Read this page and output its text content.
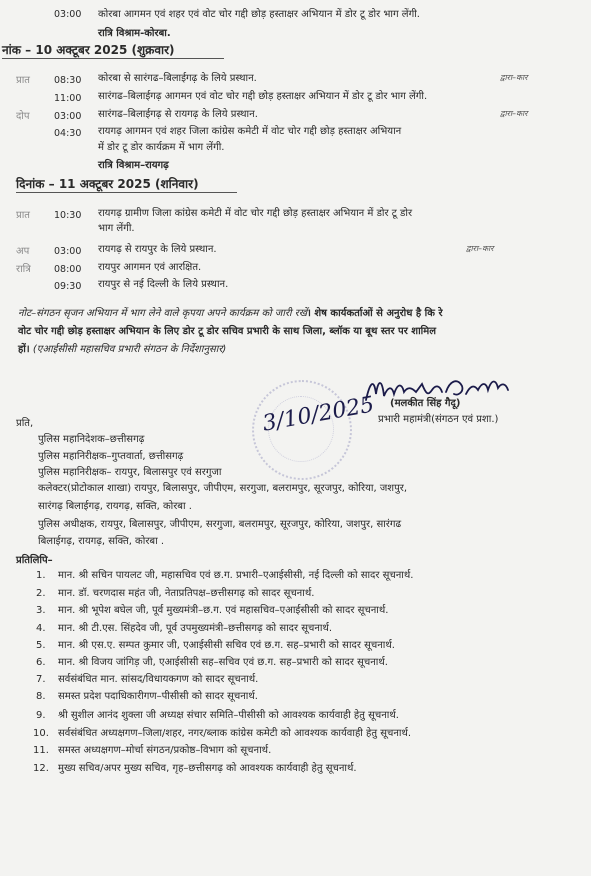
03:00 कोरबा आगमन एवं शहर एवं वोट चोर गद्दी छोड़ हस्ताक्षर अभियान में डोर टू डोर भाग लेंगी.
रात्रि विश्राम-कोरबा.
नांक – 10 अक्टूबर 2025 (शुक्रवार)
प्रात	08:30 कोरबा से सारंगढ–बिलाईगढ़ के लिये प्रस्थान.	द्वारा–कार
11:00 सारंगढ–बिलाईगढ़ आगमन एवं वोट चोर गद्दी छोड़ हस्ताक्षर अभियान में डोर टू डोर भाग लेंगी.
दोप	03:00 सारंगढ–बिलाईगढ़ से रायगढ़ के लिये प्रस्थान.	द्वारा–कार
04:30 रायगढ़ आगमन एवं शहर जिला कांग्रेस कमेटी में वोट चोर गद्दी छोड़ हस्ताक्षर अभियान
में डोर टू डोर कार्यक्रम में भाग लेंगी.
रात्रि विश्राम–रायगढ़
दिनांक – 11 अक्टूबर 2025 (शनिवार)
प्रात	10:30 रायगढ़ ग्रामीण जिला कांग्रेस कमेटी में वोट चोर गद्दी छोड़ हस्ताक्षर अभियान में डोर टू डोर
भाग लेंगी.
अप	03:00 रायगढ़ से रायपुर के लिये प्रस्थान.	द्वारा–कार
रात्रि 08:00 रायपुर आगमन एवं आरक्षित.
09:30 रायपुर से नई दिल्ली के लिये प्रस्थान.
नोट–संगठन सृजन अभियान में भाग लेने वाले कृपया अपने कार्यक्रम को जारी रखें। शेष कार्यकर्ताओं से अनुरोध है कि रे
वोट चोर गद्दी छोड़ हस्ताक्षर अभियान के लिए डोर टू डोर सचिव प्रभारी के साथ जिला, ब्लॉक या बूथ स्तर पर शामिल
हों। (एआईसीसी महासचिव प्रभारी संगठन के निर्देशानुसार)
3/10/2025 (मलकीत सिंह गैदू)
प्रभारी महामंत्री(संगठन एवं प्रशा.)
प्रति,
पुलिस महानिदेशक–छत्तीसगढ़
पुलिस महानिरीक्षक–गुप्तवार्ता, छत्तीसगढ़
पुलिस महानिरीक्षक– रायपुर, बिलासपुर एवं सरगुजा
कलेक्टर(प्रोटोकाल शाखा) रायपुर, बिलासपुर, जीपीएम, सरगुजा, बलरामपुर, सूरजपुर, कोरिया, जशपुर,
सारंगढ़ बिलाईगढ़, रायगढ़, सक्ति, कोरबा .
पुलिस अधीक्षक, रायपुर, बिलासपुर, जीपीएम, सरगुजा, बलरामपुर, सूरजपुर, कोरिया, जशपुर, सारंगढ
बिलाईगढ़, रायगढ़, सक्ति, कोरबा .
प्रतिलिपि–
1. मान. श्री सचिन पायलट जी, महासचिव एवं छ.ग. प्रभारी–एआईसीसी, नई दिल्ली को सादर सूचनार्थ.
2. मान. डॉ. चरणदास महंत जी, नेताप्रतिपक्ष–छत्तीसगढ़ को सादर सूचनार्थ.
3. मान. श्री भूपेश बघेल जी, पूर्व मुख्यमंत्री–छ.ग. एवं महासचिव–एआईसीसी को सादर सूचनार्थ.
4. मान. श्री टी.एस. सिंहदेव जी, पूर्व उपमुख्यमंत्री–छत्तीसगढ़ को सादर सूचनार्थ.
5. मान. श्री एस.ए. सम्पत कुमार जी, एआईसीसी सचिव एवं छ.ग. सह–प्रभारी को सादर सूचनार्थ.
6. मान. श्री विजय जांगिड़ जी, एआईसीसी सह–सचिव एवं छ.ग. सह–प्रभारी को सादर सूचनार्थ.
7. सर्वसंबंधित मान. सांसद/विधायकगण को सादर सूचनार्थ.
8. समस्त प्रदेश पदाधिकारीगण–पीसीसी को सादर सूचनार्थ.
9. श्री सुशील आनंद शुक्ला जी अध्यक्ष संचार समिति–पीसीसी को आवश्यक कार्यवाही हेतु सूचनार्थ.
10. सर्वसंबंधित अध्यक्षगण–जिला/शहर, नगर/ब्लाक कांग्रेस कमेटी को आवश्यक कार्यवाही हेतु सूचनार्थ.
11. समस्त अध्यक्षगण–मोर्चा संगठन/प्रकोष्ठ–विभाग को सूचनार्थ.
12. मुख्य सचिव/अपर मुख्य सचिव, गृह–छत्तीसगढ़ को आवश्यक कार्यवाही हेतु सूचनार्थ.
